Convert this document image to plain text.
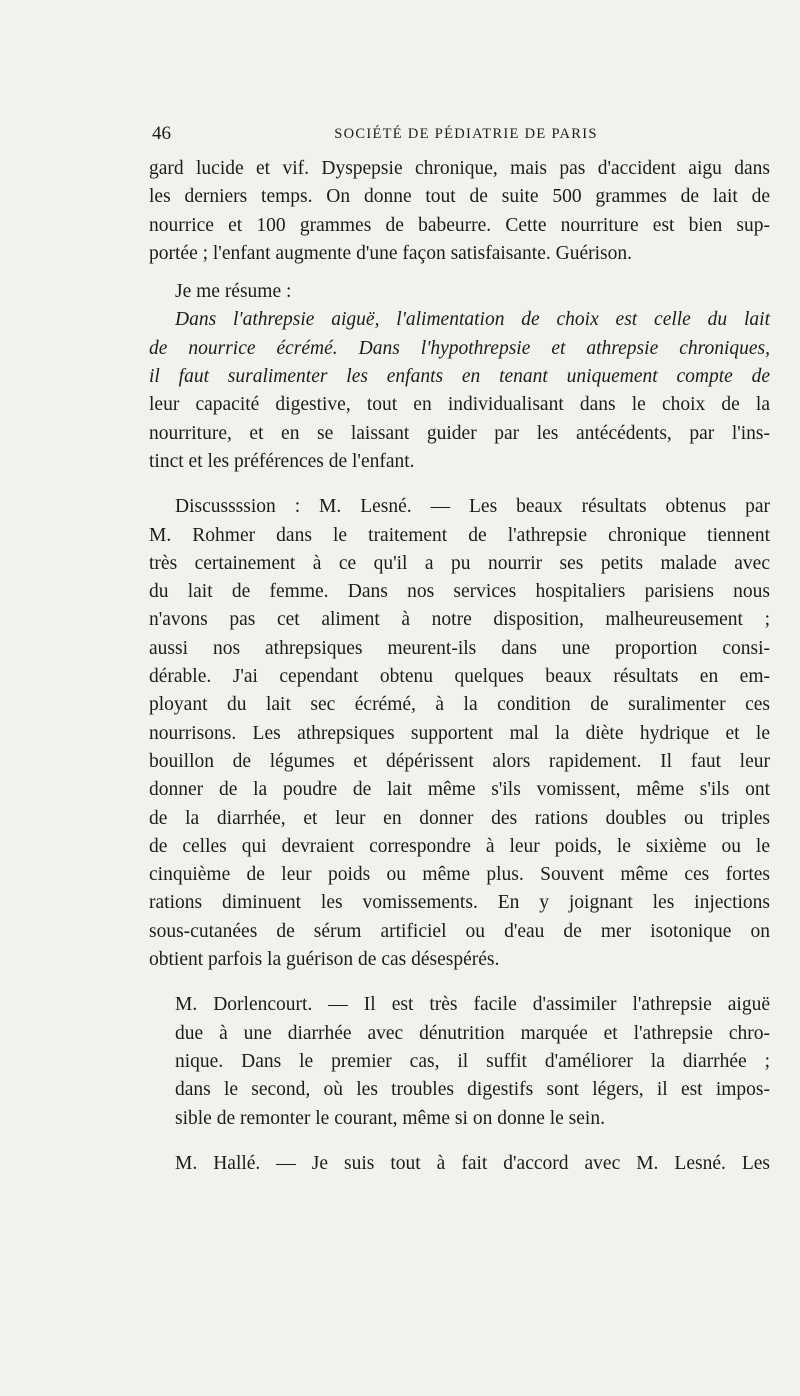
46	SOCIÉTÉ DE PÉDIATRIE DE PARIS

gard lucide et vif. Dyspepsie chronique, mais pas d'accident aigu dans
les derniers temps. On donne tout de suite 500 grammes de lait de
nourrice et 100 grammes de babeurre. Cette nourriture est bien sup-
portée ; l'enfant augmente d'une façon satisfaisante. Guérison.

Je me résume :
Dans l'athrepsie aiguë, l'alimentation de choix est celle du lait
de nourrice écrémé. Dans l'hypothrepsie et athrepsie chroniques,
il faut suralimenter les enfants en tenant uniquement compte de
leur capacité digestive, tout en individualisant dans le choix de la
nourriture, et en se laissant guider par les antécédents, par l'ins-
tinct et les préférences de l'enfant.

Discussssion : M. Lesné. — Les beaux résultats obtenus par
M. Rohmer dans le traitement de l'athrepsie chronique tiennent
très certainement à ce qu'il a pu nourrir ses petits malade avec
du lait de femme. Dans nos services hospitaliers parisiens nous
n'avons pas cet aliment à notre disposition, malheureusement ;
aussi nos athrepsiques meurent-ils dans une proportion consi-
dérable. J'ai cependant obtenu quelques beaux résultats en em-
ployant du lait sec écrémé, à la condition de suralimenter ces
nourrisons. Les athrepsiques supportent mal la diète hydrique et le
bouillon de légumes et dépérissent alors rapidement. Il faut leur
donner de la poudre de lait même s'ils vomissent, même s'ils ont
de la diarrhée, et leur en donner des rations doubles ou triples
de celles qui devraient correspondre à leur poids, le sixième ou le
cinquième de leur poids ou même plus. Souvent même ces fortes
rations diminuent les vomissements. En y joignant les injections
sous-cutanées de sérum artificiel ou d'eau de mer isotonique on
obtient parfois la guérison de cas désespérés.

M. Dorlencourt. — Il est très facile d'assimiler l'athrepsie aiguë
due à une diarrhée avec dénutrition marquée et l'athrepsie chro-
nique. Dans le premier cas, il suffit d'améliorer la diarrhée ;
dans le second, où les troubles digestifs sont légers, il est impos-
sible de remonter le courant, même si on donne le sein.

M. Hallé. — Je suis tout à fait d'accord avec M. Lesné. Les
